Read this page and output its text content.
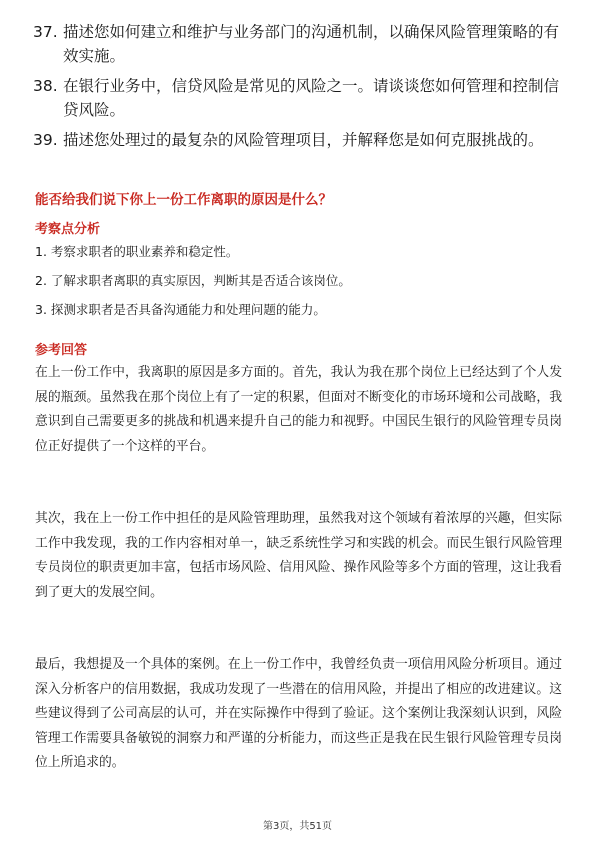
37. 描述您如何建立和维护与业务部门的沟通机制，以确保风险管理策略的有效实施。
38. 在银行业务中，信贷风险是常见的风险之一。请谈谈您如何管理和控制信贷风险。
39. 描述您处理过的最复杂的风险管理项目，并解释您是如何克服挑战的。
能否给我们说下你上一份工作离职的原因是什么？
考察点分析
1. 考察求职者的职业素养和稳定性。
2. 了解求职者离职的真实原因，判断其是否适合该岗位。
3. 探测求职者是否具备沟通能力和处理问题的能力。
参考回答

在上一份工作中，我离职的原因是多方面的。首先，我认为我在那个岗位上已经达到了个人发展的瓶颈。虽然我在那个岗位上有了一定的积累，但面对不断变化的市场环境和公司战略，我意识到自己需要更多的挑战和机遇来提升自己的能力和视野。中国民生银行的风险管理专员岗位正好提供了一个这样的平台。

其次，我在上一份工作中担任的是风险管理助理，虽然我对这个领域有着浓厚的兴趣，但实际工作中我发现，我的工作内容相对单一，缺乏系统性学习和实践的机会。而民生银行风险管理专员岗位的职责更加丰富，包括市场风险、信用风险、操作风险等多个方面的管理，这让我看到了更大的发展空间。

最后，我想提及一个具体的案例。在上一份工作中，我曾经负责一项信用风险分析项目。通过深入分析客户的信用数据，我成功发现了一些潜在的信用风险，并提出了相应的改进建议。这些建议得到了公司高层的认可，并在实际操作中得到了验证。这个案例让我深刻认识到，风险管理工作需要具备敏锐的洞察力和严谨的分析能力，而这些正是我在民生银行风险管理专员岗位上所追求的。

第3页，共51页
